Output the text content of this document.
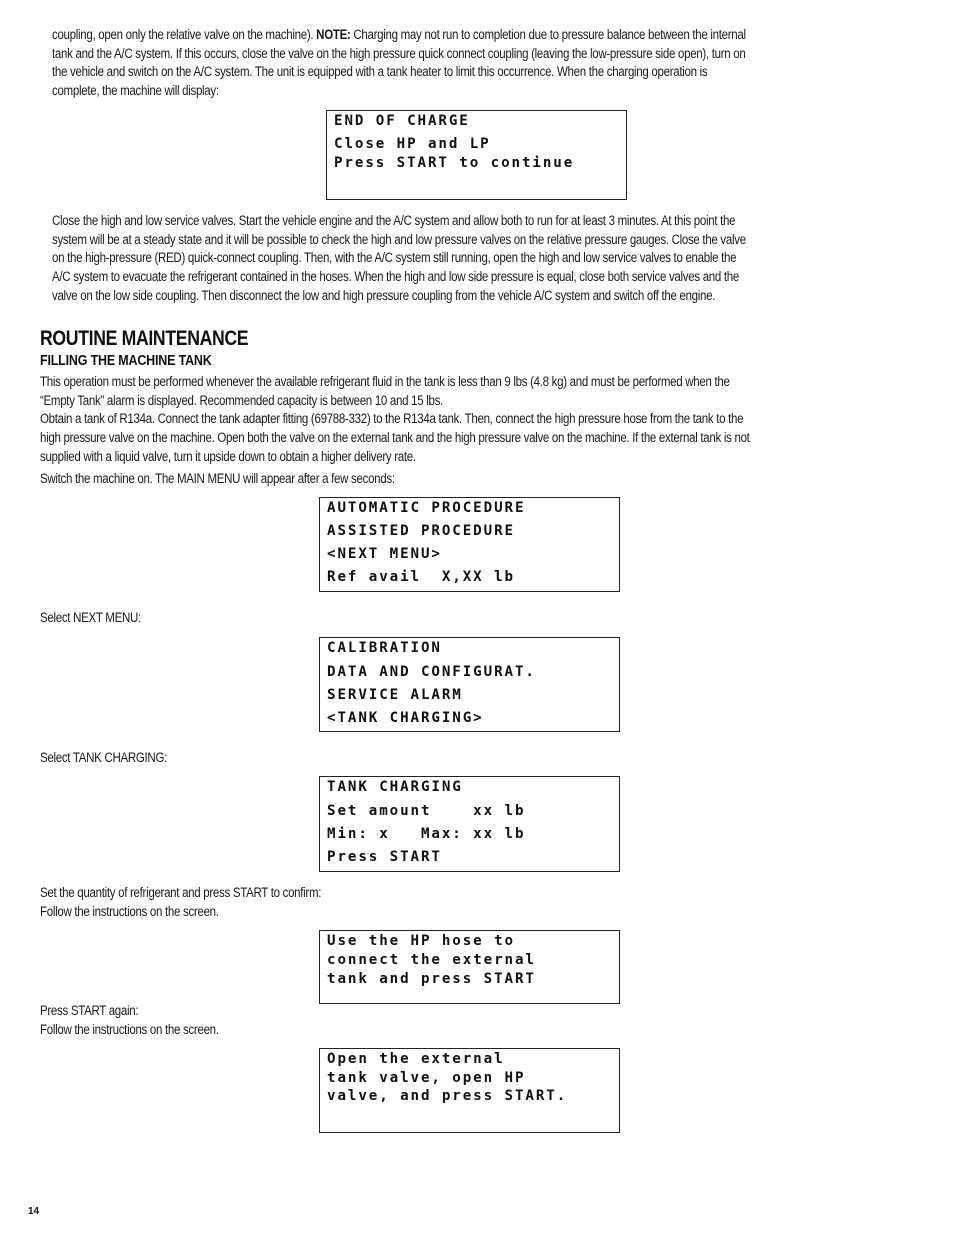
coupling, open only the relative valve on the machine). NOTE: Charging may not run to completion due to pressure balance between the internal
tank and the A/C system. If this occurs, close the valve on the high pressure quick connect coupling (leaving the low-pressure side open), turn on
the vehicle and switch on the A/C system. The unit is equipped with a tank heater to limit this occurrence. When the charging operation is
complete, the machine will display:
END OF CHARGE
Close HP and LP
Press START to continue
Close the high and low service valves. Start the vehicle engine and the A/C system and allow both to run for at least 3 minutes. At this point the
system will be at a steady state and it will be possible to check the high and low pressure valves on the relative pressure gauges. Close the valve
on the high-pressure (RED) quick-connect coupling. Then, with the A/C system still running, open the high and low service valves to enable the
A/C system to evacuate the refrigerant contained in the hoses. When the high and low side pressure is equal, close both service valves and the
valve on the low side coupling. Then disconnect the low and high pressure coupling from the vehicle A/C system and switch off the engine.
ROUTINE MAINTENANCE
FILLING THE MACHINE TANK
This operation must be performed whenever the available refrigerant fluid in the tank is less than 9 lbs (4.8 kg) and must be performed when the
“Empty Tank” alarm is displayed. Recommended capacity is between 10 and 15 lbs.
Obtain a tank of R134a. Connect the tank adapter fitting (69788-332) to the R134a tank. Then, connect the high pressure hose from the tank to the
high pressure valve on the machine. Open both the valve on the external tank and the high pressure valve on the machine. If the external tank is not
supplied with a liquid valve, turn it upside down to obtain a higher delivery rate.
Switch the machine on. The MAIN MENU will appear after a few seconds:
AUTOMATIC PROCEDURE
ASSISTED PROCEDURE
<NEXT MENU>
Ref avail  X,XX lb
Select NEXT MENU:
CALIBRATION
DATA AND CONFIGURAT.
SERVICE ALARM
<TANK CHARGING>
Select TANK CHARGING:
TANK CHARGING
Set amount    xx lb
Min: x   Max: xx lb
Press START
Set the quantity of refrigerant and press START to confirm:
Follow the instructions on the screen.
Use the HP hose to
connect the external
tank and press START
Press START again:
Follow the instructions on the screen.
Open the external
tank valve, open HP
valve, and press START.
14
